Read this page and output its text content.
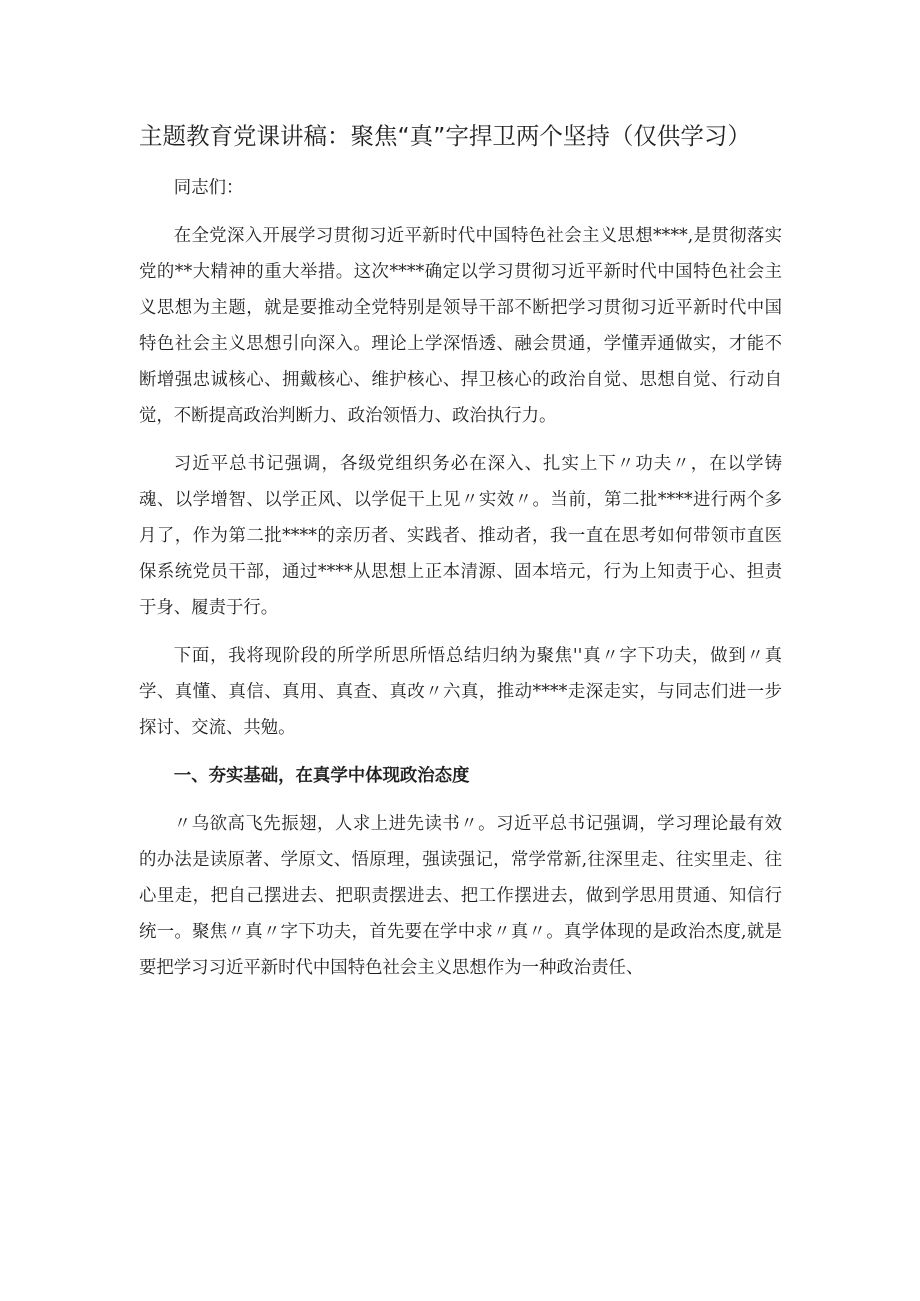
主题教育党课讲稿：聚焦“真”字捍卫两个坚持（仅供学习）

同志们：

在全党深入开展学习贯彻习近平新时代中国特色社会主义思想****,是贯彻落实党的**大精神的重大举措。这次****确定以学习贯彻习近平新时代中国特色社会主义思想为主题，就是要推动全党特别是领导干部不断把学习贯彻习近平新时代中国特色社会主义思想引向深入。理论上学深悟透、融会贯通，学懂弄通做实，才能不断增强忠诚核心、拥戴核心、维护核心、捍卫核心的政治自觉、思想自觉、行动自觉，不断提高政治判断力、政治领悟力、政治执行力。

习近平总书记强调，各级党组织务必在深入、扎实上下〃功夫〃，在以学铸魂、以学增智、以学正风、以学促干上见〃实效〃。当前，第二批****进行两个多月了，作为第二批****的亲历者、实践者、推动者，我一直在思考如何带领市直医保系统党员干部，通过****从思想上正本清源、固本培元，行为上知责于心、担责于身、履责于行。

下面，我将现阶段的所学所思所悟总结归纳为聚焦''真〃字下功夫，做到〃真学、真懂、真信、真用、真查、真改〃六真，推动****走深走实，与同志们进一步探讨、交流、共勉。

一、夯实基础，在真学中体现政治态度

〃乌欲高飞先振翅，人求上进先读书〃。习近平总书记强调，学习理论最有效的办法是读原著、学原文、悟原理，强读强记，常学常新,往深里走、往实里走、往心里走，把自己摆进去、把职责摆进去、把工作摆进去，做到学思用贯通、知信行统一。聚焦〃真〃字下功夫，首先要在学中求〃真〃。真学体现的是政治杰度,就是要把学习习近平新时代中国特色社会主义思想作为一种政治责任、
